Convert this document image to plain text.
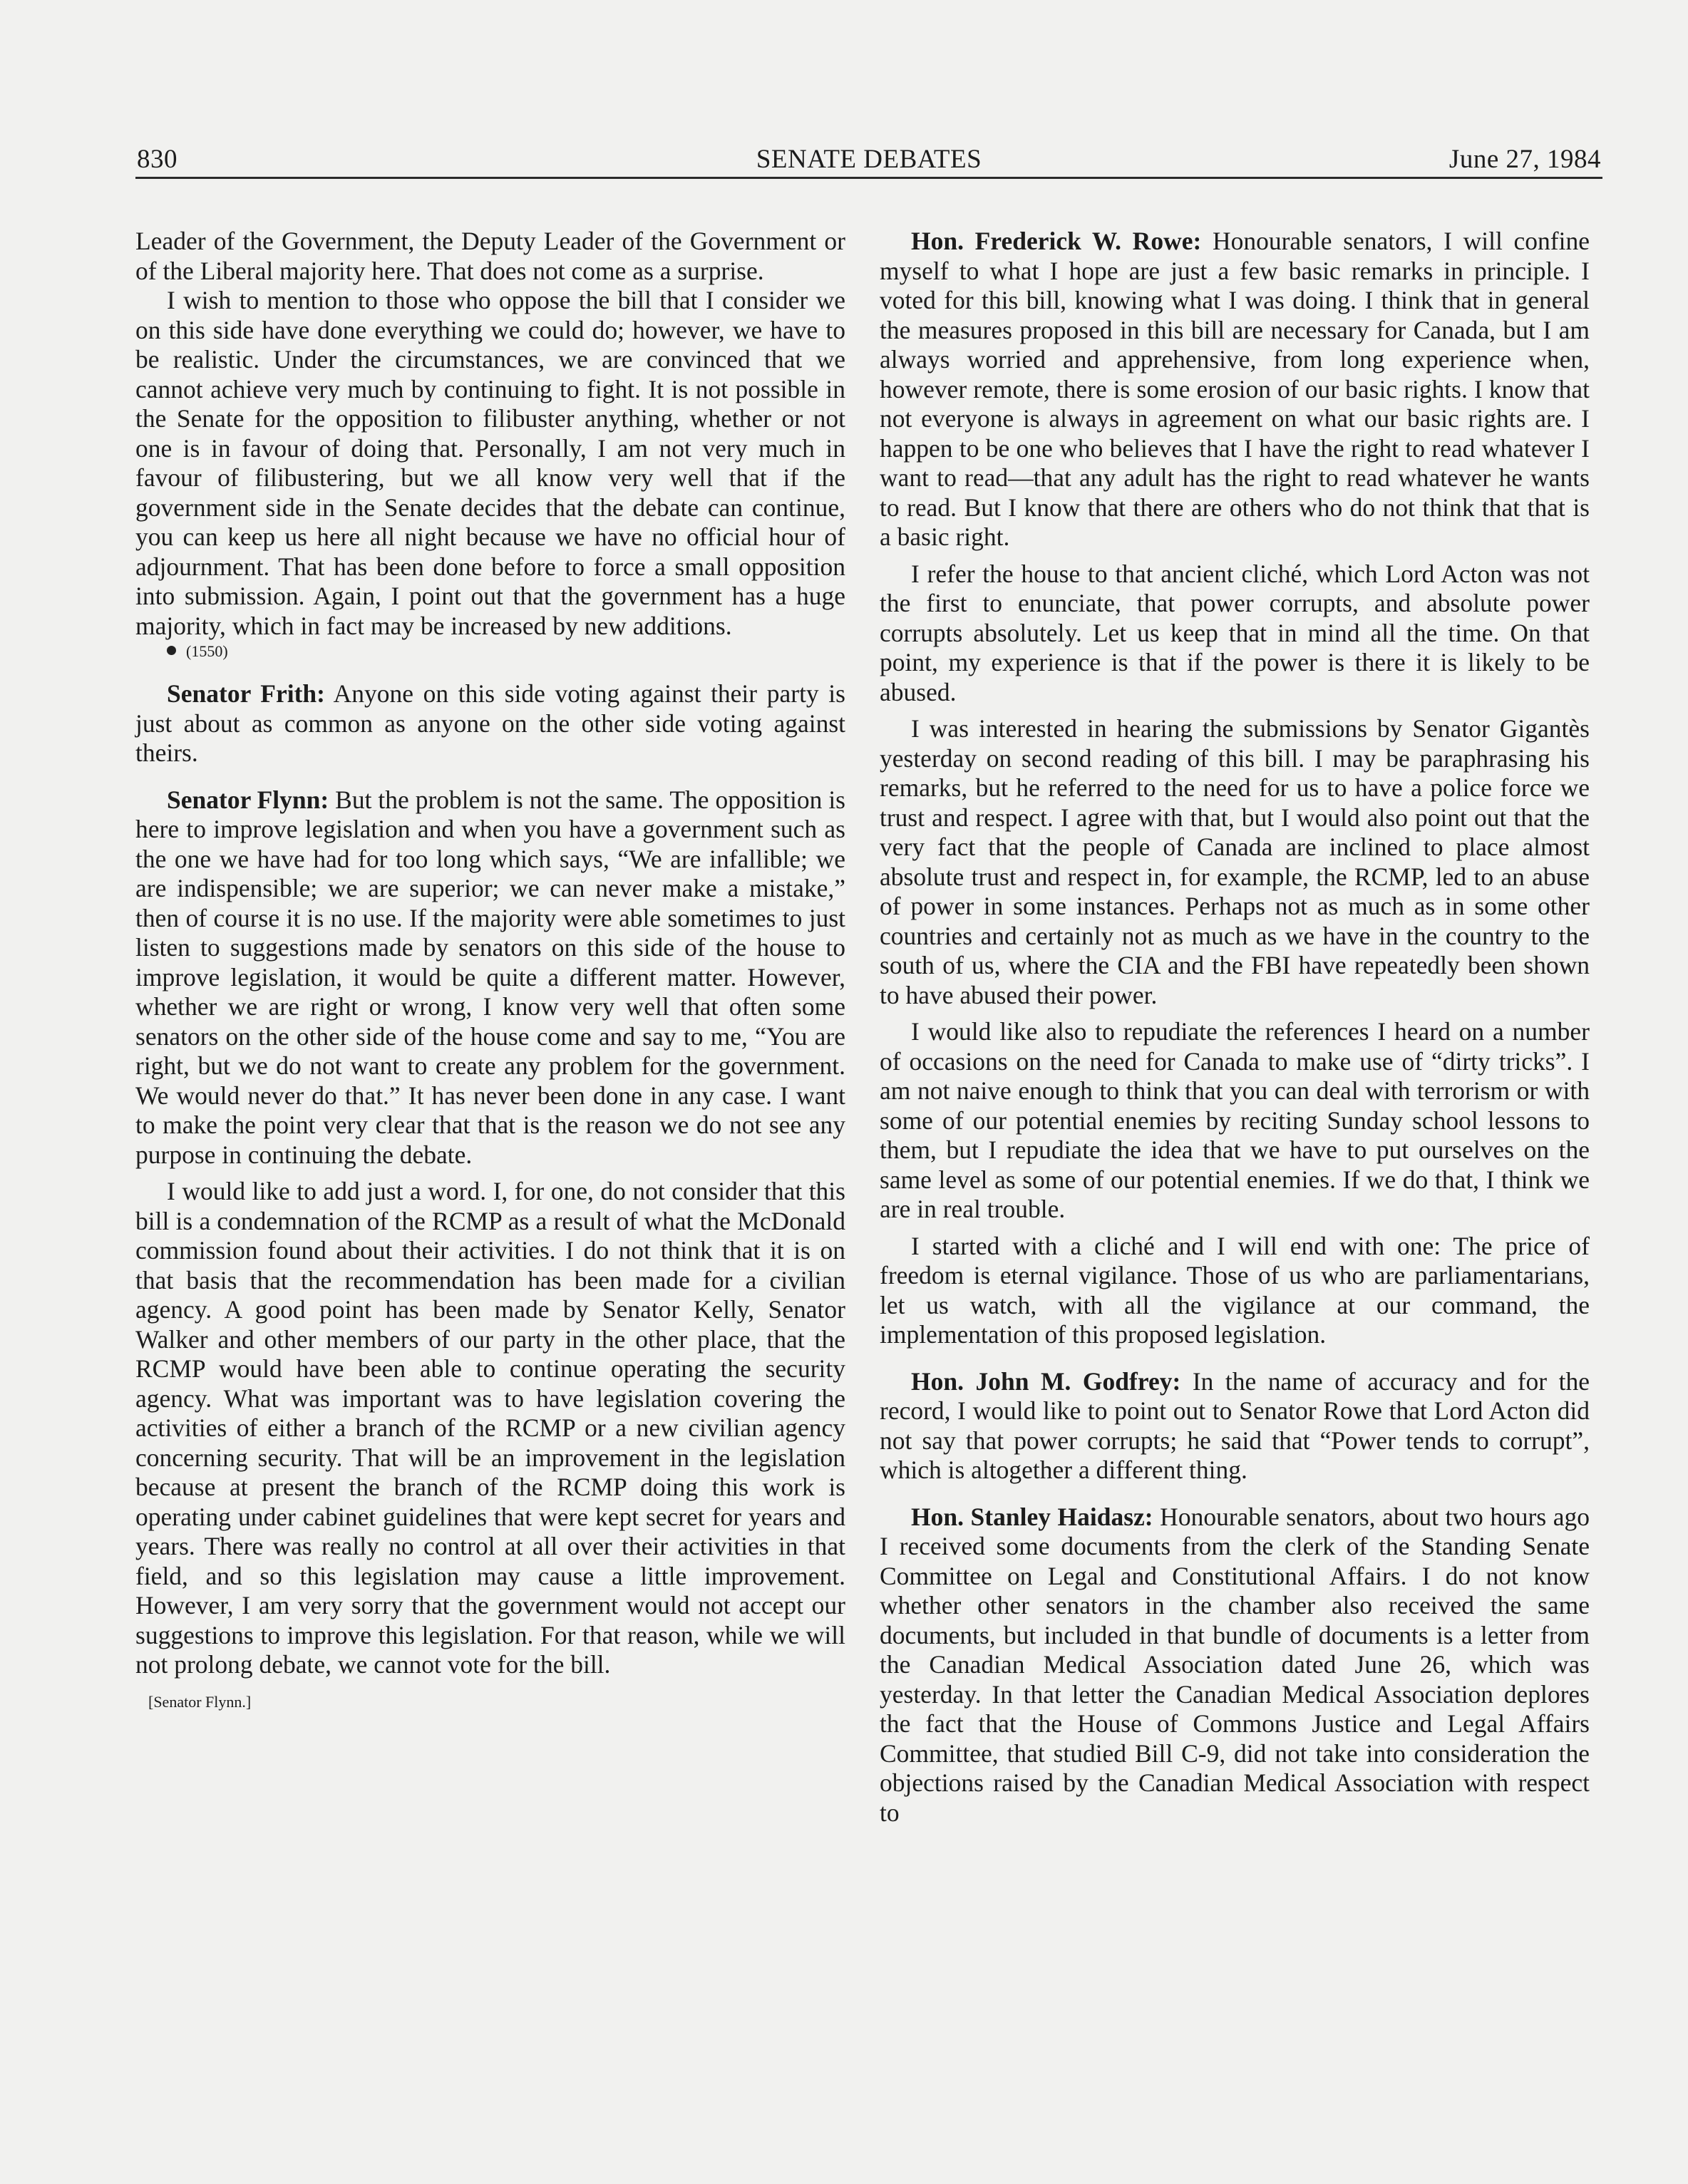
830	SENATE DEBATES	June 27, 1984

Leader of the Government, the Deputy Leader of the Government or of the Liberal majority here. That does not come as a surprise.

I wish to mention to those who oppose the bill that I consider we on this side have done everything we could do; however, we have to be realistic. Under the circumstances, we are convinced that we cannot achieve very much by continuing to fight. It is not possible in the Senate for the opposition to filibuster anything, whether or not one is in favour of doing that. Personally, I am not very much in favour of filibustering, but we all know very well that if the government side in the Senate decides that the debate can continue, you can keep us here all night because we have no official hour of adjournment. That has been done before to force a small opposition into submission. Again, I point out that the government has a huge majority, which in fact may be increased by new additions.

(1550)

Senator Frith: Anyone on this side voting against their party is just about as common as anyone on the other side voting against theirs.

Senator Flynn: But the problem is not the same. The opposition is here to improve legislation and when you have a government such as the one we have had for too long which says, “We are infallible; we are indispensible; we are superior; we can never make a mistake,” then of course it is no use. If the majority were able sometimes to just listen to suggestions made by senators on this side of the house to improve legislation, it would be quite a different matter. However, whether we are right or wrong, I know very well that often some senators on the other side of the house come and say to me, “You are right, but we do not want to create any problem for the government. We would never do that.” It has never been done in any case. I want to make the point very clear that that is the reason we do not see any purpose in continuing the debate.

I would like to add just a word. I, for one, do not consider that this bill is a condemnation of the RCMP as a result of what the McDonald commission found about their activities. I do not think that it is on that basis that the recommendation has been made for a civilian agency. A good point has been made by Senator Kelly, Senator Walker and other members of our party in the other place, that the RCMP would have been able to continue operating the security agency. What was important was to have legislation covering the activities of either a branch of the RCMP or a new civilian agency concerning security. That will be an improvement in the legislation because at present the branch of the RCMP doing this work is operating under cabinet guidelines that were kept secret for years and years. There was really no control at all over their activities in that field, and so this legislation may cause a little improvement. However, I am very sorry that the government would not accept our suggestions to improve this legislation. For that reason, while we will not prolong debate, we cannot vote for the bill.

[Senator Flynn.]

Hon. Frederick W. Rowe: Honourable senators, I will confine myself to what I hope are just a few basic remarks in principle. I voted for this bill, knowing what I was doing. I think that in general the measures proposed in this bill are necessary for Canada, but I am always worried and apprehensive, from long experience when, however remote, there is some erosion of our basic rights. I know that not everyone is always in agreement on what our basic rights are. I happen to be one who believes that I have the right to read whatever I want to read—that any adult has the right to read whatever he wants to read. But I know that there are others who do not think that that is a basic right.

I refer the house to that ancient cliché, which Lord Acton was not the first to enunciate, that power corrupts, and absolute power corrupts absolutely. Let us keep that in mind all the time. On that point, my experience is that if the power is there it is likely to be abused.

I was interested in hearing the submissions by Senator Gigantès yesterday on second reading of this bill. I may be paraphrasing his remarks, but he referred to the need for us to have a police force we trust and respect. I agree with that, but I would also point out that the very fact that the people of Canada are inclined to place almost absolute trust and respect in, for example, the RCMP, led to an abuse of power in some instances. Perhaps not as much as in some other countries and certainly not as much as we have in the country to the south of us, where the CIA and the FBI have repeatedly been shown to have abused their power.

I would like also to repudiate the references I heard on a number of occasions on the need for Canada to make use of “dirty tricks”. I am not naive enough to think that you can deal with terrorism or with some of our potential enemies by reciting Sunday school lessons to them, but I repudiate the idea that we have to put ourselves on the same level as some of our potential enemies. If we do that, I think we are in real trouble.

I started with a cliché and I will end with one: The price of freedom is eternal vigilance. Those of us who are parliamentarians, let us watch, with all the vigilance at our command, the implementation of this proposed legislation.

Hon. John M. Godfrey: In the name of accuracy and for the record, I would like to point out to Senator Rowe that Lord Acton did not say that power corrupts; he said that “Power tends to corrupt”, which is altogether a different thing.

Hon. Stanley Haidasz: Honourable senators, about two hours ago I received some documents from the clerk of the Standing Senate Committee on Legal and Constitutional Affairs. I do not know whether other senators in the chamber also received the same documents, but included in that bundle of documents is a letter from the Canadian Medical Association dated June 26, which was yesterday. In that letter the Canadian Medical Association deplores the fact that the House of Commons Justice and Legal Affairs Committee, that studied Bill C-9, did not take into consideration the objections raised by the Canadian Medical Association with respect to
